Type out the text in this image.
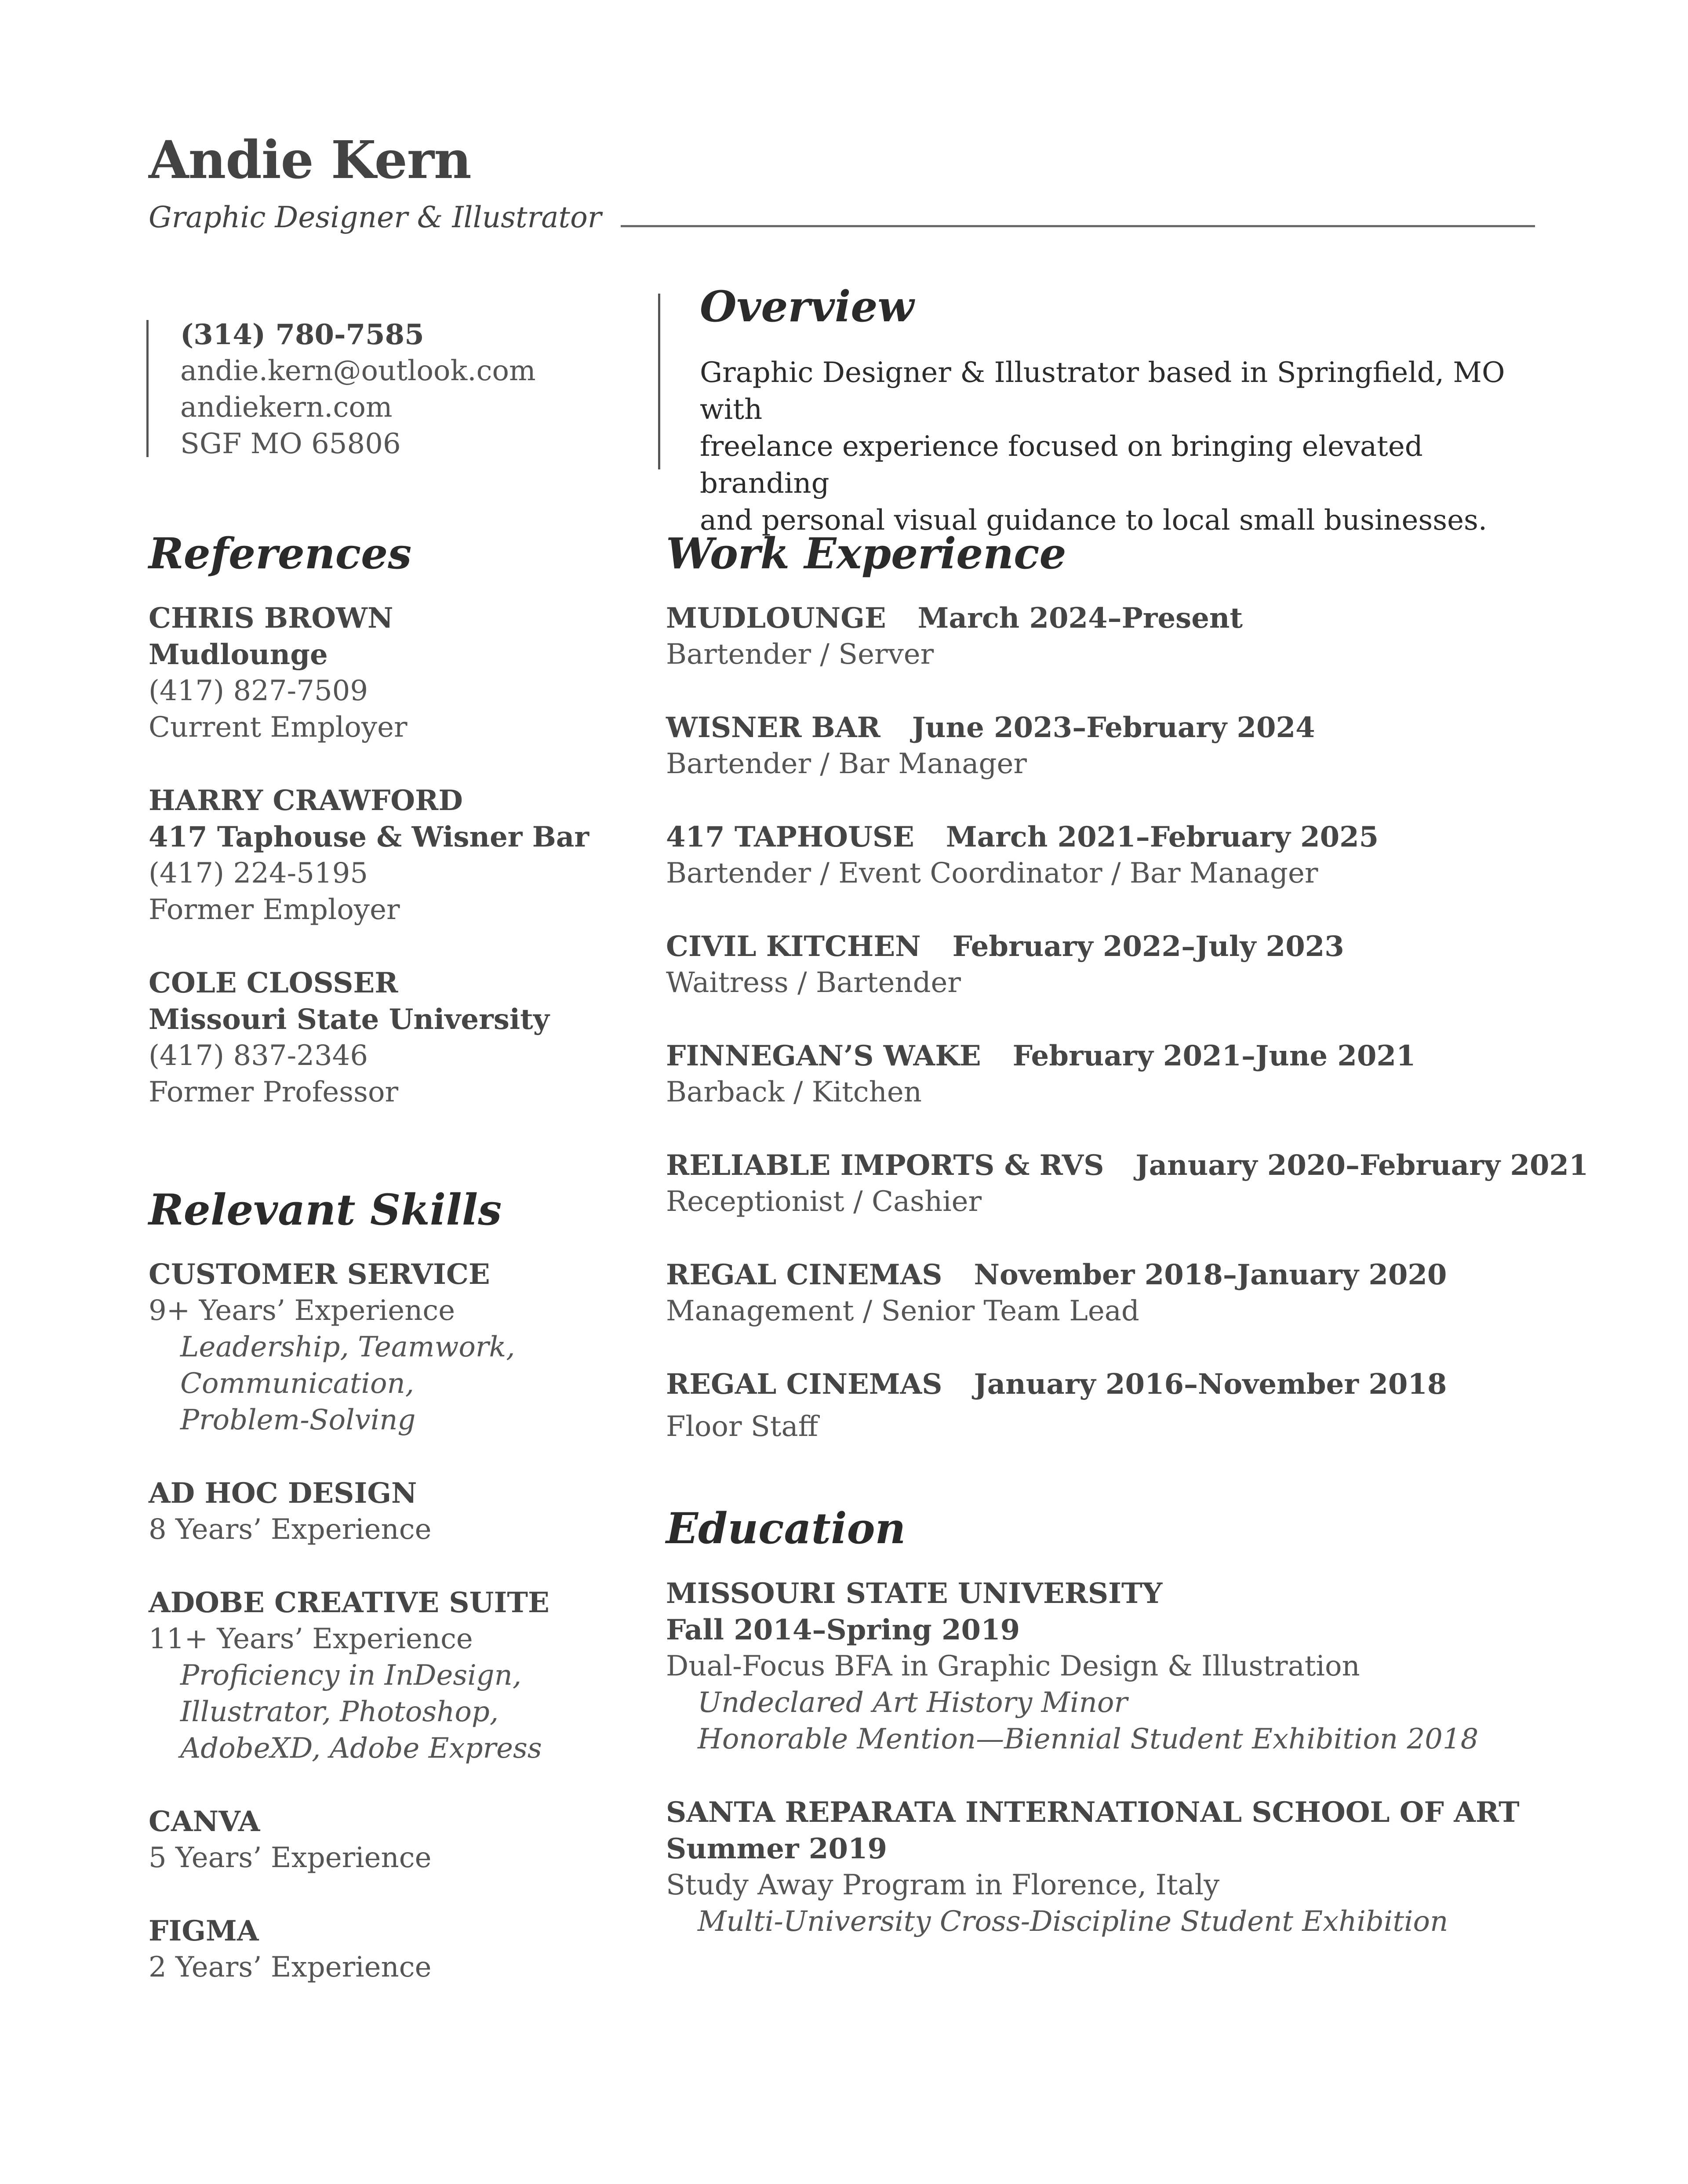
Andie Kern
Graphic Designer & Illustrator
(314) 780-7585
andie.kern@outlook.com
andiekern.com
SGF MO 65806
Overview
Graphic Designer & Illustrator based in Springfield, MO with
freelance experience focused on bringing elevated branding
and personal visual guidance to local small businesses.
References
CHRIS BROWN
Mudlounge
(417) 827-7509
Current Employer
HARRY CRAWFORD
417 Taphouse & Wisner Bar
(417) 224-5195
Former Employer
COLE CLOSSER
Missouri State University
(417) 837-2346
Former Professor
Relevant Skills
CUSTOMER SERVICE
9+ Years’ Experience
Leadership, Teamwork,
Communication,
Problem-Solving
AD HOC DESIGN
8 Years’ Experience
ADOBE CREATIVE SUITE
11+ Years’ Experience
Proficiency in InDesign,
Illustrator, Photoshop,
AdobeXD, Adobe Express
CANVA
5 Years’ Experience
FIGMA
2 Years’ Experience
Work Experience
MUDLOUNGE March 2024–Present
Bartender / Server
WISNER BAR June 2023–February 2024
Bartender / Bar Manager
417 TAPHOUSE March 2021–February 2025
Bartender / Event Coordinator / Bar Manager
CIVIL KITCHEN February 2022–July 2023
Waitress / Bartender
FINNEGAN’S WAKE February 2021–June 2021
Barback / Kitchen
RELIABLE IMPORTS & RVS January 2020–February 2021
Receptionist / Cashier
REGAL CINEMAS November 2018–January 2020
Management / Senior Team Lead
REGAL CINEMAS January 2016–November 2018
Floor Staff
Education
MISSOURI STATE UNIVERSITY
Fall 2014–Spring 2019
Dual-Focus BFA in Graphic Design & Illustration
Undeclared Art History Minor
Honorable Mention—Biennial Student Exhibition 2018
SANTA REPARATA INTERNATIONAL SCHOOL OF ART
Summer 2019
Study Away Program in Florence, Italy
Multi-University Cross-Discipline Student Exhibition
